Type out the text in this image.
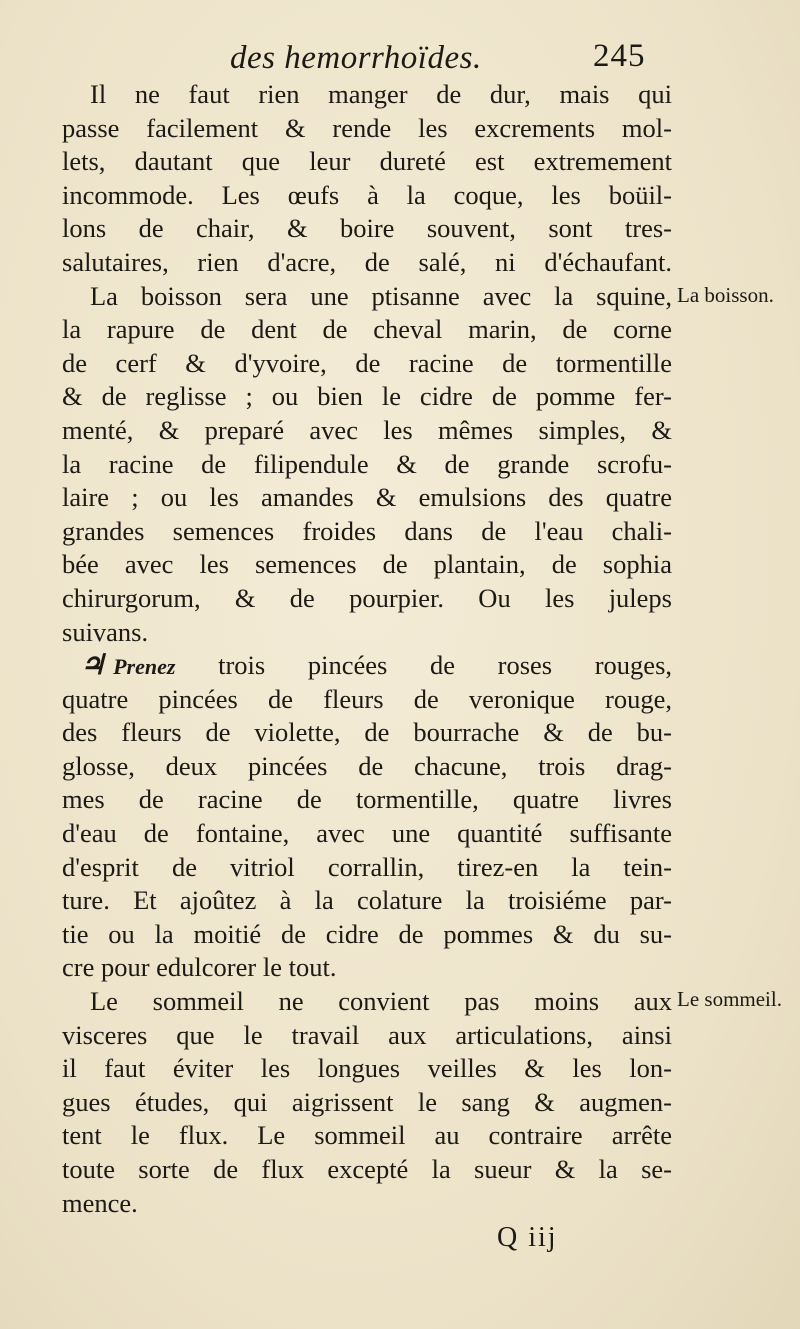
des hemorrhoïdes.	245
Il ne faut rien manger de dur, mais qui
passe facilement & rende les excrements mol-
lets, dautant que leur dureté est extremement
incommode. Les œufs à la coque, les boüil-
lons de chair, & boire souvent, sont tres-
salutaires, rien d'acre, de salé, ni d'échaufant.
La boisson sera une ptisanne avec la squine,
la rapure de dent de cheval marin, de corne
de cerf & d'yvoire, de racine de tormentille
& de reglisse ; ou bien le cidre de pomme fer-
menté, & preparé avec les mêmes simples, &
la racine de filipendule & de grande scrofu-
laire ; ou les amandes & emulsions des quatre
grandes semences froides dans de l'eau chali-
bée avec les semences de plantain, de sophia
chirurgorum, & de pourpier. Ou les juleps
suivans.
♃ Prenez trois pincées de roses rouges,
quatre pincées de fleurs de veronique rouge,
des fleurs de violette, de bourrache & de bu-
glosse, deux pincées de chacune, trois drag-
mes de racine de tormentille, quatre livres
d'eau de fontaine, avec une quantité suffisante
d'esprit de vitriol corrallin, tirez-en la tein-
ture. Et ajoûtez à la colature la troisiéme par-
tie ou la moitié de cidre de pommes & du su-
cre pour edulcorer le tout.
Le sommeil ne convient pas moins aux
visceres que le travail aux articulations, ainsi
il faut éviter les longues veilles & les lon-
gues études, qui aigrissent le sang & augmen-
tent le flux. Le sommeil au contraire arrête
toute sorte de flux excepté la sueur & la se-
mence.
La boisson.
Le sommeil.
Q iij
